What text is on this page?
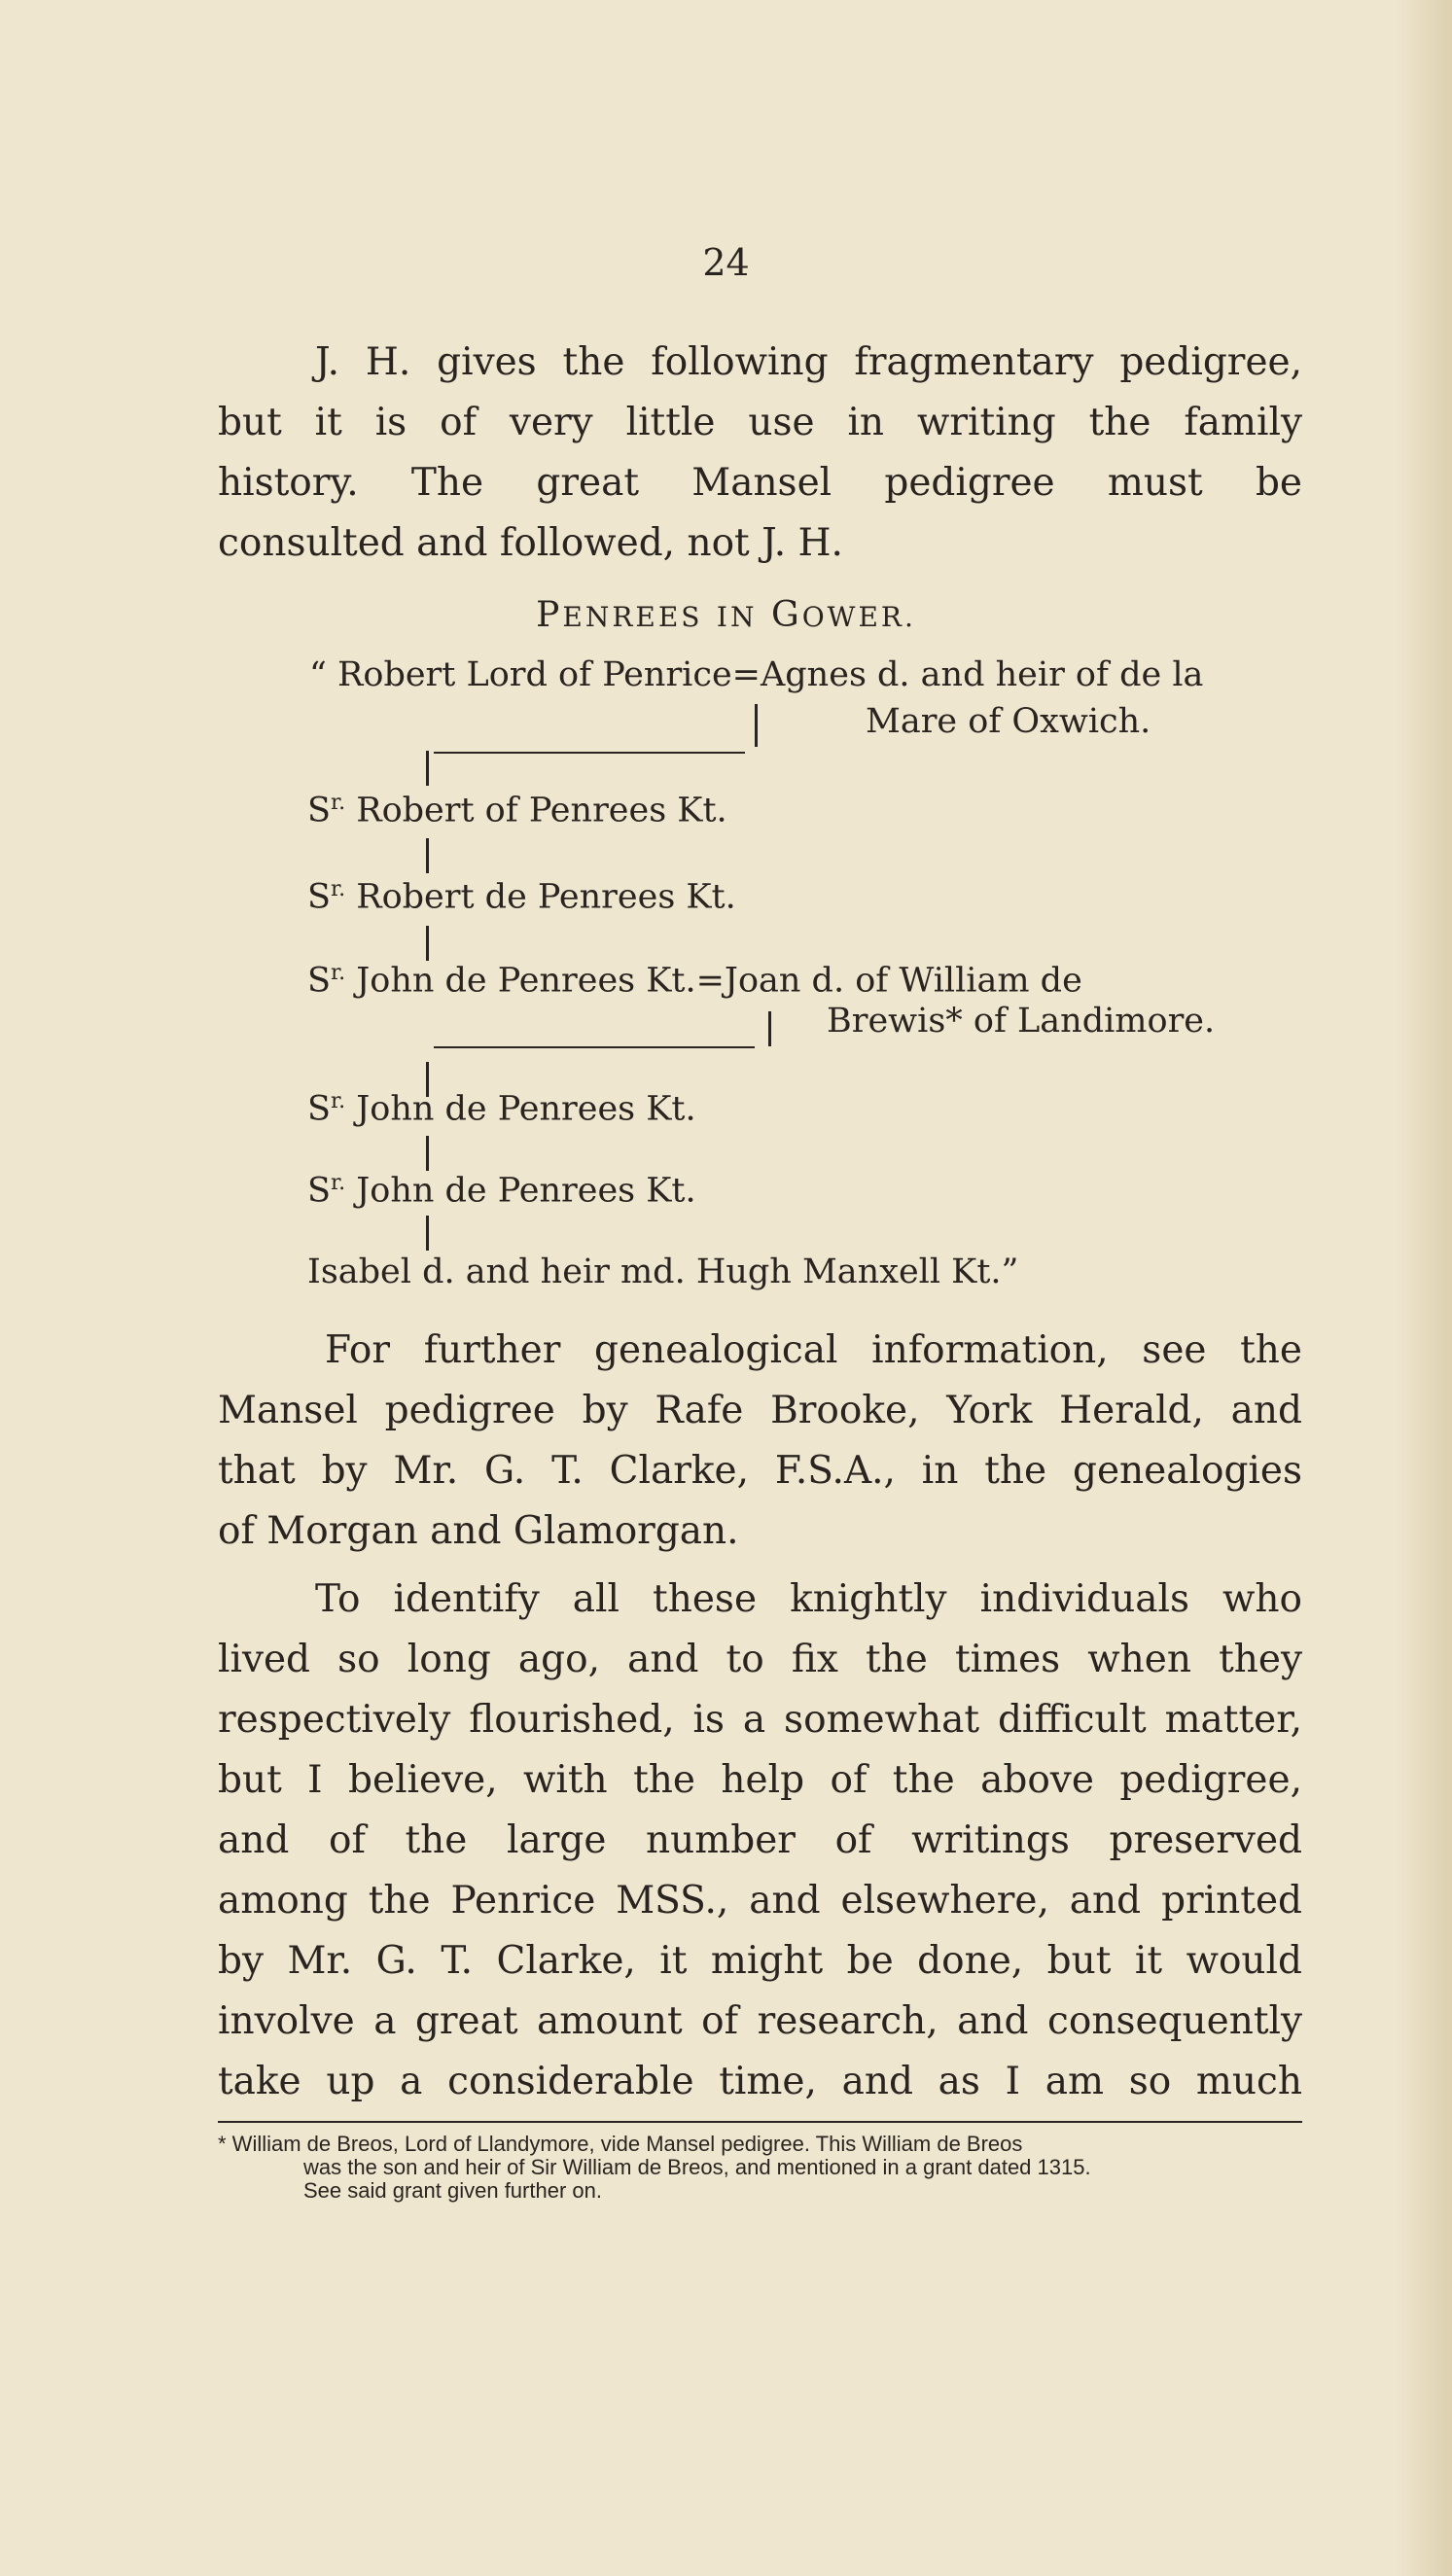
24
J. H. gives the following fragmentary pedigree,
but it is of very little use in writing the family
history. The great Mansel pedigree must be
consulted and followed, not J. H.
PENREES IN GOWER.
“ Robert Lord of Penrice=Agnes d. and heir of de la
Mare of Oxwich.
$S^{r.}$ Robert of Penrees Kt.
$S^{r.}$ Robert de Penrees Kt.
$S^{r.}$ John de Penrees Kt.=Joan d. of William de
Brewis* of Landimore.
$S^{r.}$ John de Penrees Kt.
$S^{r.}$ John de Penrees Kt.
Isabel d. and heir md. Hugh Manxell Kt.”
For further genealogical information, see the
Mansel pedigree by Rafe Brooke, York Herald, and
that by Mr. G. T. Clarke, F.S.A., in the genealogies
of Morgan and Glamorgan.
To identify all these knightly individuals who
lived so long ago, and to fix the times when they
respectively flourished, is a somewhat difficult matter,
but I believe, with the help of the above pedigree,
and of the large number of writings preserved
among the Penrice MSS., and elsewhere, and printed
by Mr. G. T. Clarke, it might be done, but it would
involve a great amount of research, and consequently
take up a considerable time, and as I am so much
* William de Breos, Lord of Llandymore, vide Mansel pedigree. This William de Breos
was the son and heir of Sir William de Breos, and mentioned in a grant dated 1315.
See said grant given further on.
